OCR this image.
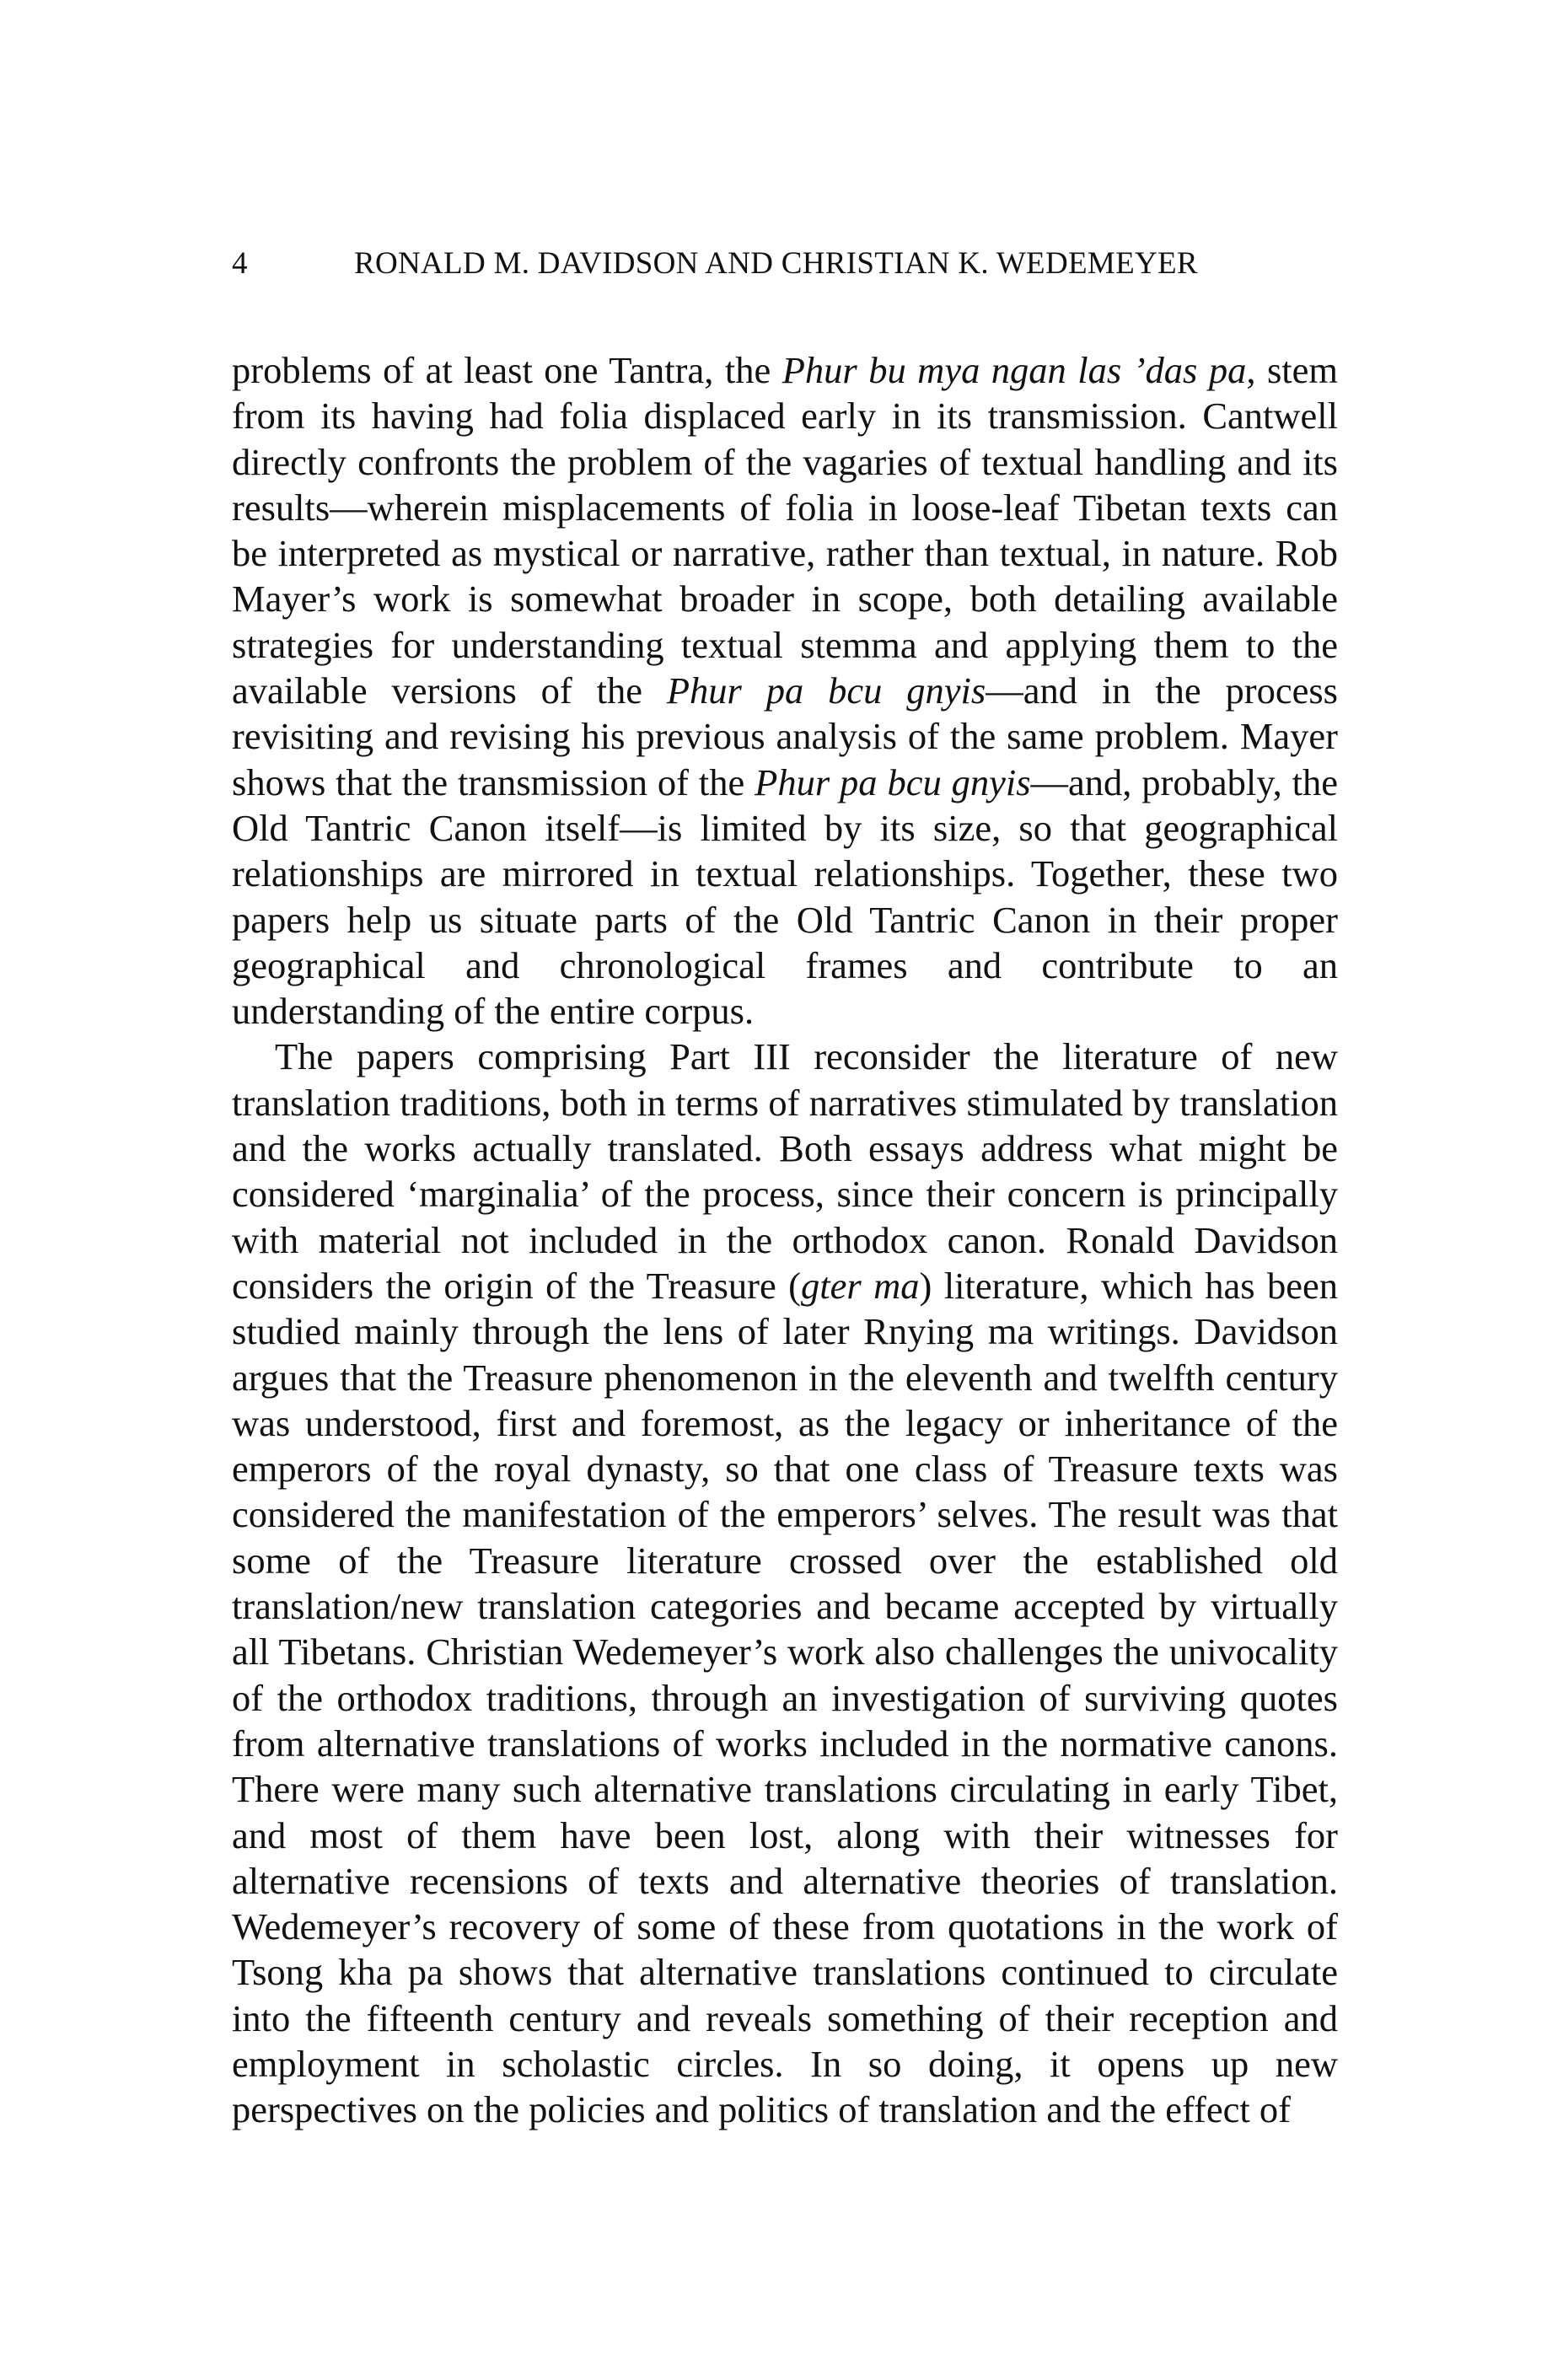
4	RONALD M. DAVIDSON AND CHRISTIAN K. WEDEMEYER

problems of at least one Tantra, the Phur bu mya ngan las ’das pa, stem from its having had folia displaced early in its transmission. Cantwell directly confronts the problem of the vagaries of textual handling and its results—wherein misplacements of folia in loose-leaf Tibetan texts can be interpreted as mystical or narrative, rather than textual, in nature. Rob Mayer’s work is somewhat broader in scope, both detailing available strategies for understanding textual stemma and applying them to the available versions of the Phur pa bcu gnyis—and in the process revisiting and revising his previous analysis of the same problem. Mayer shows that the transmission of the Phur pa bcu gnyis—and, probably, the Old Tantric Canon itself—is limited by its size, so that geographical relationships are mirrored in textual relationships. Together, these two papers help us situate parts of the Old Tantric Canon in their proper geographical and chronological frames and contribute to an understanding of the entire corpus.

The papers comprising Part III reconsider the literature of new translation traditions, both in terms of narratives stimulated by translation and the works actually translated. Both essays address what might be considered ‘marginalia’ of the process, since their concern is principally with material not included in the orthodox canon. Ronald Davidson considers the origin of the Treasure (gter ma) literature, which has been studied mainly through the lens of later Rnying ma writings. Davidson argues that the Treasure phenomenon in the eleventh and twelfth century was understood, first and foremost, as the legacy or inheritance of the emperors of the royal dynasty, so that one class of Treasure texts was considered the manifestation of the emperors’ selves. The result was that some of the Treasure literature crossed over the established old translation/new translation categories and became accepted by virtually all Tibetans. Christian Wedemeyer’s work also challenges the univocality of the orthodox traditions, through an investigation of surviving quotes from alternative translations of works included in the normative canons. There were many such alternative translations circulating in early Tibet, and most of them have been lost, along with their witnesses for alternative recensions of texts and alternative theories of translation. Wedemeyer’s recovery of some of these from quotations in the work of Tsong kha pa shows that alternative translations continued to circulate into the fifteenth century and reveals something of their reception and employment in scholastic circles. In so doing, it opens up new perspectives on the policies and politics of translation and the effect of
